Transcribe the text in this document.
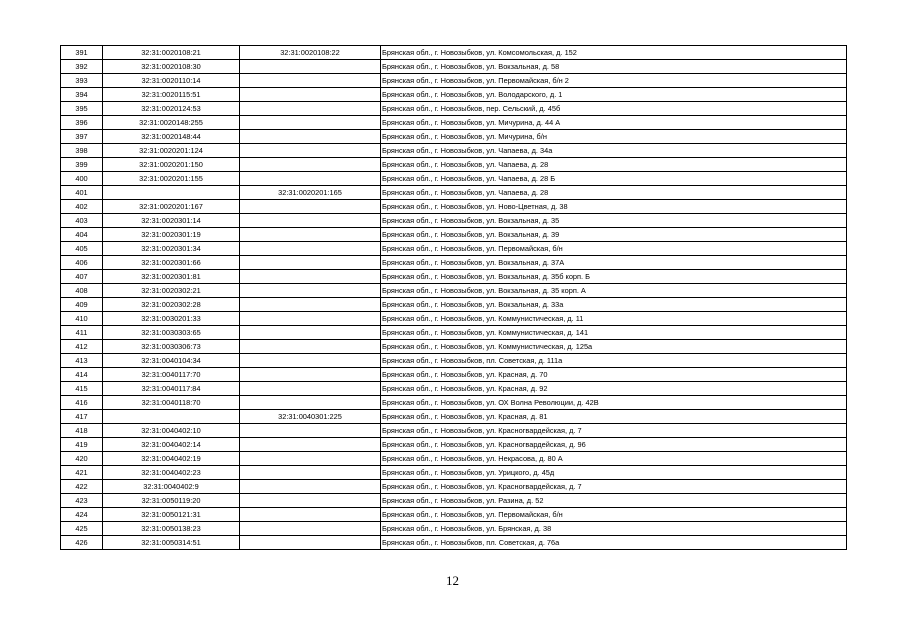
391	32:31:0020108:21	32:31:0020108:22	Брянская обл., г. Новозыбков, ул. Комсомольская, д. 152
392	32:31:0020108:30		Брянская обл., г. Новозыбков, ул. Вокзальная, д. 58
393	32:31:0020110:14		Брянская обл., г. Новозыбков, ул. Первомайская, б/н 2
394	32:31:0020115:51		Брянская обл., г. Новозыбков, ул. Володарского, д. 1
395	32:31:0020124:53		Брянская обл., г. Новозыбков, пер. Сельский, д. 45б
396	32:31:0020148:255		Брянская обл., г. Новозыбков, ул. Мичурина, д. 44 А
397	32:31:0020148:44		Брянская обл., г. Новозыбков, ул. Мичурина, б/н
398	32:31:0020201:124		Брянская обл., г. Новозыбков, ул. Чапаева, д. 34а
399	32:31:0020201:150		Брянская обл., г. Новозыбков, ул. Чапаева, д. 28
400	32:31:0020201:155		Брянская обл., г. Новозыбков, ул. Чапаева, д. 28 Б
401		32:31:0020201:165	Брянская обл., г. Новозыбков, ул. Чапаева, д. 28
402	32:31:0020201:167		Брянская обл., г. Новозыбков, ул. Ново-Цветная, д. 38
403	32:31:0020301:14		Брянская обл., г. Новозыбков, ул. Вокзальная, д. 35
404	32:31:0020301:19		Брянская обл., г. Новозыбков, ул. Вокзальная, д. 39
405	32:31:0020301:34		Брянская обл., г. Новозыбков, ул. Первомайская, б/н
406	32:31:0020301:66		Брянская обл., г. Новозыбков, ул. Вокзальная, д. 37А
407	32:31:0020301:81		Брянская обл., г. Новозыбков, ул. Вокзальная, д. 35б корп. Б
408	32:31:0020302:21		Брянская обл., г. Новозыбков, ул. Вокзальная, д. 35 корп. А
409	32:31:0020302:28		Брянская обл., г. Новозыбков, ул. Вокзальная, д. 33а
410	32:31:0030201:33		Брянская обл., г. Новозыбков, ул. Коммунистическая, д. 11
411	32:31:0030303:65		Брянская обл., г. Новозыбков, ул. Коммунистическая, д. 141
412	32:31:0030306:73		Брянская обл., г. Новозыбков, ул. Коммунистическая, д. 125а
413	32:31:0040104:34		Брянская обл., г. Новозыбков, пл. Советская, д. 111а
414	32:31:0040117:70		Брянская обл., г. Новозыбков, ул. Красная, д. 70
415	32:31:0040117:84		Брянская обл., г. Новозыбков, ул. Красная, д. 92
416	32:31:0040118:70		Брянская обл., г. Новозыбков, ул. ОХ Волна Революции, д. 42В
417		32:31:0040301:225	Брянская обл., г. Новозыбков, ул. Красная, д. 81
418	32:31:0040402:10		Брянская обл., г. Новозыбков, ул. Красногвардейская, д. 7
419	32:31:0040402:14		Брянская обл., г. Новозыбков, ул. Красногвардейская, д. 96
420	32:31:0040402:19		Брянская обл., г. Новозыбков, ул. Некрасова, д. 80 А
421	32:31:0040402:23		Брянская обл., г. Новозыбков, ул. Урицкого, д. 45д
422	32:31:0040402:9		Брянская обл., г. Новозыбков, ул. Красногвардейская, д. 7
423	32:31:0050119:20		Брянская обл., г. Новозыбков, ул. Разина, д. 52
424	32:31:0050121:31		Брянская обл., г. Новозыбков, ул. Первомайская, б/н
425	32:31:0050138:23		Брянская обл., г. Новозыбков, ул. Брянская, д. 38
426	32:31:0050314:51		Брянская обл., г. Новозыбков, пл. Советская, д. 76а
12
